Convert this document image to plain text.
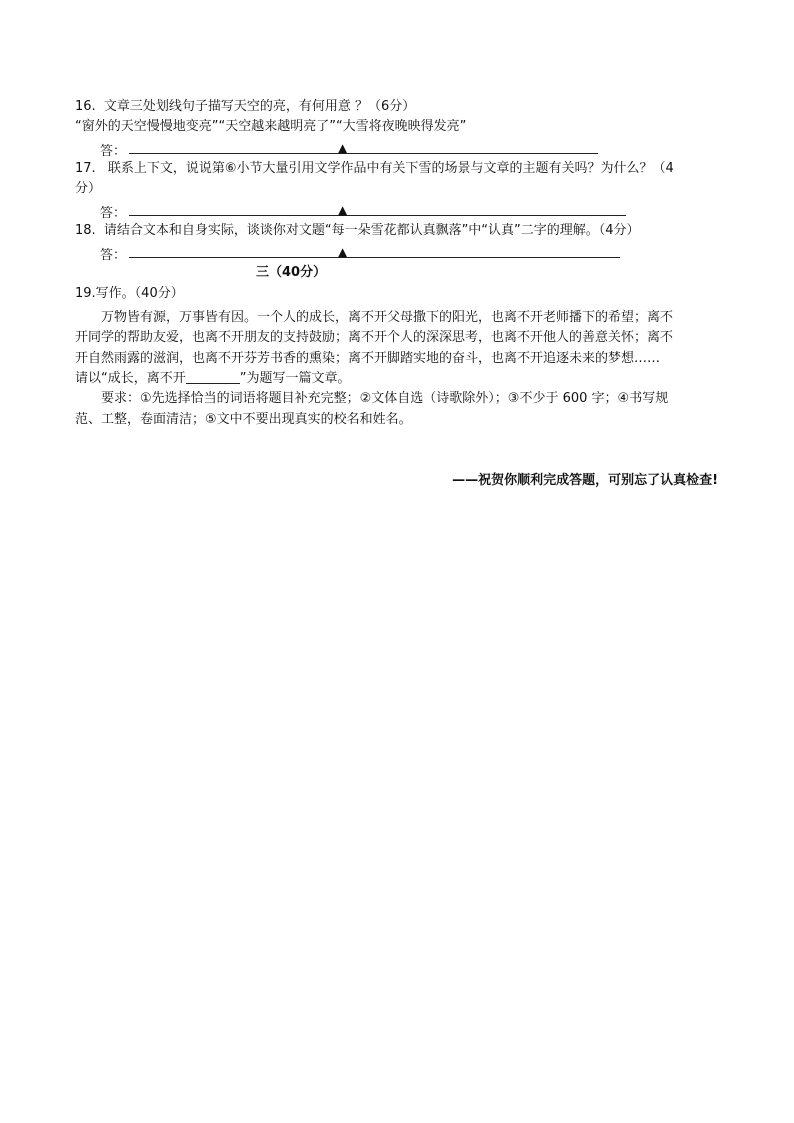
16. 文章三处划线句子描写天空的亮，有何用意 ？（6分）
“窗外的天空慢慢地变亮”“天空越来越明亮了”“大雪将夜晚映得发亮”
答：	▲
17. 联系上下文，说说第⑥小节大量引用文学作品中有关下雪的场景与文章的主题有关吗？为什么？（4
分）
答：	▲
18. 请结合文本和自身实际，谈谈你对文题“每一朵雪花都认真飘落”中“认真”二字的理解。（4分）
答：	▲
三（40分）
19.写作。（40分）
万物皆有源，万事皆有因。一个人的成长，离不开父母撒下的阳光，也离不开老师播下的希望；离不
开同学的帮助友爱，也离不开朋友的支持鼓励；离不开个人的深深思考，也离不开他人的善意关怀；离不
开自然雨露的滋润，也离不开芬芳书香的熏染；离不开脚踏实地的奋斗，也离不开追逐未来的梦想……
请以“成长，离不开	”为题写一篇文章。
要求：①先选择恰当的词语将题目补充完整；②文体自选（诗歌除外）；③不少于 600 字；④书写规
范、工整，卷面清洁；⑤文中不要出现真实的校名和姓名。
——祝贺你顺利完成答题，可别忘了认真检查!
